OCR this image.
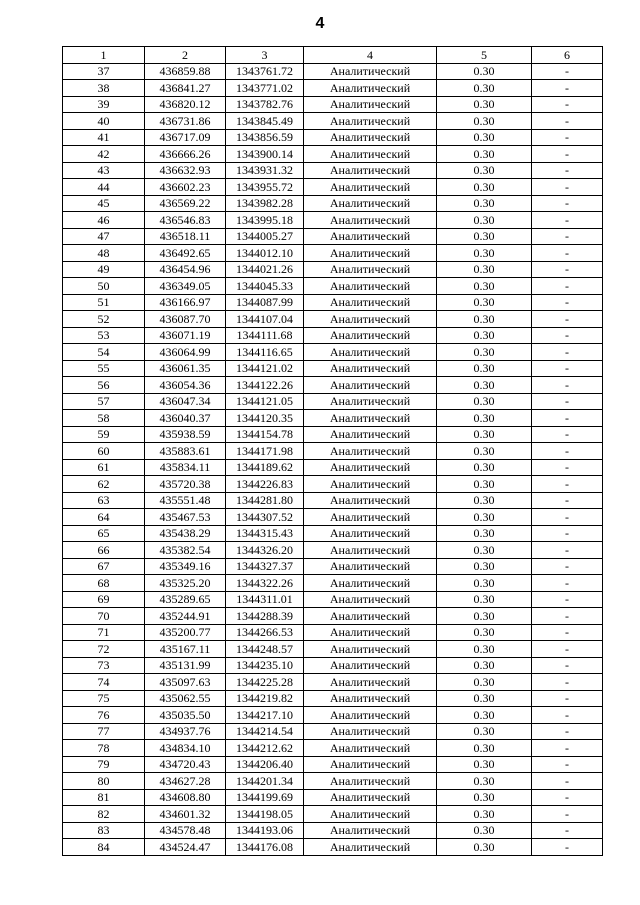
4
1	2	3	4	5	6
37	436859.88	1343761.72	Аналитический	0.30	-
38	436841.27	1343771.02	Аналитический	0.30	-
39	436820.12	1343782.76	Аналитический	0.30	-
40	436731.86	1343845.49	Аналитический	0.30	-
41	436717.09	1343856.59	Аналитический	0.30	-
42	436666.26	1343900.14	Аналитический	0.30	-
43	436632.93	1343931.32	Аналитический	0.30	-
44	436602.23	1343955.72	Аналитический	0.30	-
45	436569.22	1343982.28	Аналитический	0.30	-
46	436546.83	1343995.18	Аналитический	0.30	-
47	436518.11	1344005.27	Аналитический	0.30	-
48	436492.65	1344012.10	Аналитический	0.30	-
49	436454.96	1344021.26	Аналитический	0.30	-
50	436349.05	1344045.33	Аналитический	0.30	-
51	436166.97	1344087.99	Аналитический	0.30	-
52	436087.70	1344107.04	Аналитический	0.30	-
53	436071.19	1344111.68	Аналитический	0.30	-
54	436064.99	1344116.65	Аналитический	0.30	-
55	436061.35	1344121.02	Аналитический	0.30	-
56	436054.36	1344122.26	Аналитический	0.30	-
57	436047.34	1344121.05	Аналитический	0.30	-
58	436040.37	1344120.35	Аналитический	0.30	-
59	435938.59	1344154.78	Аналитический	0.30	-
60	435883.61	1344171.98	Аналитический	0.30	-
61	435834.11	1344189.62	Аналитический	0.30	-
62	435720.38	1344226.83	Аналитический	0.30	-
63	435551.48	1344281.80	Аналитический	0.30	-
64	435467.53	1344307.52	Аналитический	0.30	-
65	435438.29	1344315.43	Аналитический	0.30	-
66	435382.54	1344326.20	Аналитический	0.30	-
67	435349.16	1344327.37	Аналитический	0.30	-
68	435325.20	1344322.26	Аналитический	0.30	-
69	435289.65	1344311.01	Аналитический	0.30	-
70	435244.91	1344288.39	Аналитический	0.30	-
71	435200.77	1344266.53	Аналитический	0.30	-
72	435167.11	1344248.57	Аналитический	0.30	-
73	435131.99	1344235.10	Аналитический	0.30	-
74	435097.63	1344225.28	Аналитический	0.30	-
75	435062.55	1344219.82	Аналитический	0.30	-
76	435035.50	1344217.10	Аналитический	0.30	-
77	434937.76	1344214.54	Аналитический	0.30	-
78	434834.10	1344212.62	Аналитический	0.30	-
79	434720.43	1344206.40	Аналитический	0.30	-
80	434627.28	1344201.34	Аналитический	0.30	-
81	434608.80	1344199.69	Аналитический	0.30	-
82	434601.32	1344198.05	Аналитический	0.30	-
83	434578.48	1344193.06	Аналитический	0.30	-
84	434524.47	1344176.08	Аналитический	0.30	-
